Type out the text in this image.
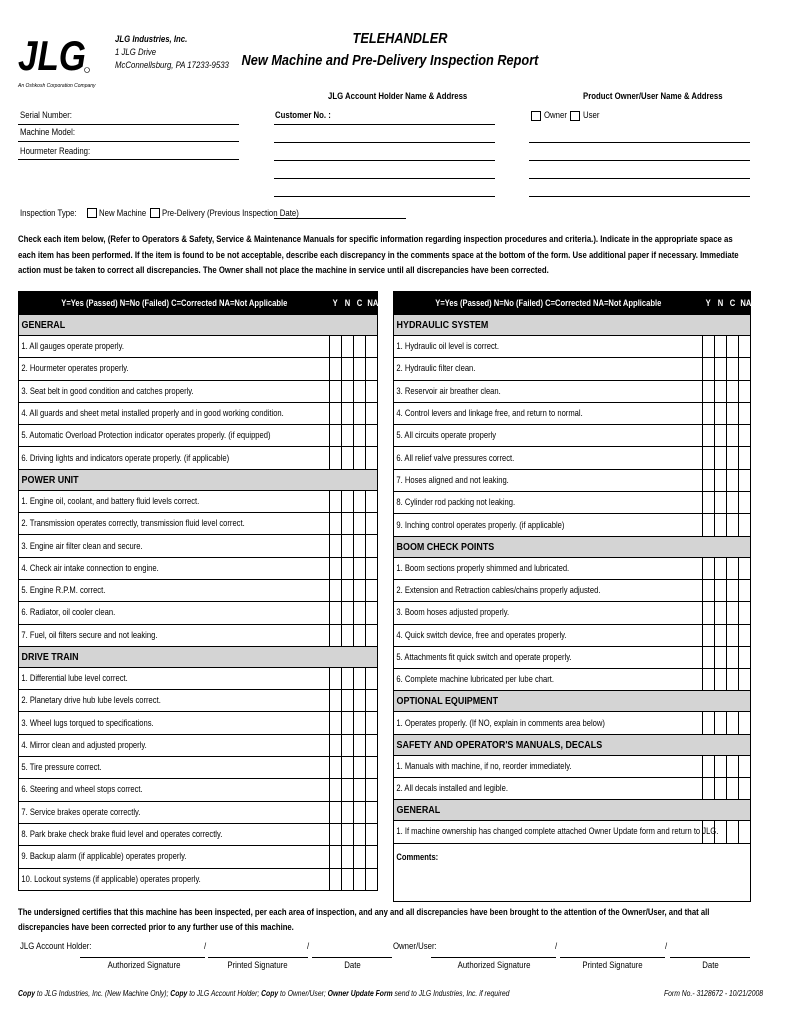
JLG
An Oshkosh Corporation Company
JLG Industries, Inc.
1 JLG Drive
McConnellsburg, PA 17233-9533
TELEHANDLER
New Machine and Pre-Delivery Inspection Report
JLG Account Holder Name & Address	Product Owner/User Name & Address
Serial Number:
Machine Model:
Hourmeter Reading:
Customer No. :	Owner User
Inspection Type: New Machine Pre-Delivery (Previous Inspection Date)
Check each item below, (Refer to Operators & Safety, Service & Maintenance Manuals for specific information regarding inspection procedures and criteria.). Indicate in the appropriate space as each item has been performed. If the item is found to be not acceptable, describe each discrepancy in the comments space at the bottom of the form. Use additional paper if necessary. Immediate action must be taken to correct all discrepancies. The Owner shall not place the machine in service until all discrepancies have been corrected.
Y=Yes (Passed) N=No (Failed) C=Corrected NA=Not Applicable	Y	N	C	NA
GENERAL				
1. All gauges operate properly.				
2. Hourmeter operates properly.				
3. Seat belt in good condition and catches properly.				
4. All guards and sheet metal installed properly and in good working condition.				
5. Automatic Overload Protection indicator operates properly. (if equipped)				
6. Driving lights and indicators operate properly. (if applicable)				
POWER UNIT				
1. Engine oil, coolant, and battery fluid levels correct.				
2. Transmission operates correctly, transmission fluid level correct.				
3. Engine air filter clean and secure.				
4. Check air intake connection to engine.				
5. Engine R.P.M. correct.				
6. Radiator, oil cooler clean.				
7. Fuel, oil filters secure and not leaking.				
DRIVE TRAIN				
1. Differential lube level correct.				
2. Planetary drive hub lube levels correct.				
3. Wheel lugs torqued to specifications.				
4. Mirror clean and adjusted properly.				
5. Tire pressure correct.				
6. Steering and wheel stops correct.				
7. Service brakes operate correctly.				
8. Park brake check brake fluid level and operates correctly.				
9. Backup alarm (if applicable) operates properly.				
10. Lockout systems (if applicable) operates properly.				
Y=Yes (Passed) N=No (Failed) C=Corrected NA=Not Applicable	Y	N	C	NA
HYDRAULIC SYSTEM				
1. Hydraulic oil level is correct.				
2. Hydraulic filter clean.				
3. Reservoir air breather clean.				
4. Control levers and linkage free, and return to normal.				
5. All circuits operate properly				
6. All relief valve pressures correct.				
7. Hoses aligned and not leaking.				
8. Cylinder rod packing not leaking.				
9. Inching control operates properly. (if applicable)				
BOOM CHECK POINTS				
1. Boom sections properly shimmed and lubricated.				
2. Extension and Retraction cables/chains properly adjusted.				
3. Boom hoses adjusted properly.				
4. Quick switch device, free and operates properly.				
5. Attachments fit quick switch and operate properly.				
6. Complete machine lubricated per lube chart.				
OPTIONAL EQUIPMENT				
1. Operates properly. (If NO, explain in comments area below)				
SAFETY AND OPERATOR'S MANUALS, DECALS				
1. Manuals with machine, if no, reorder immediately.				
2. All decals installed and legible.				
GENERAL				
1. If machine ownership has changed complete attached Owner Update form and return to JLG.				
Comments:				
The undersigned certifies that this machine has been inspected, per each area of inspection, and any and all discrepancies have been brought to the attention of the Owner/User, and that all discrepancies have been corrected prior to any further use of this machine.
JLG Account Holder:	/	/
Authorized Signature	Printed Signature	Date
Owner/User:	/	/
Authorized Signature	Printed Signature	Date
Copy to JLG Industries, Inc. (New Machine Only); Copy to JLG Account Holder; Copy to Owner/User; Owner Update Form send to JLG Industries, Inc. if required	Form No.- 3128672 - 10/21/2008
